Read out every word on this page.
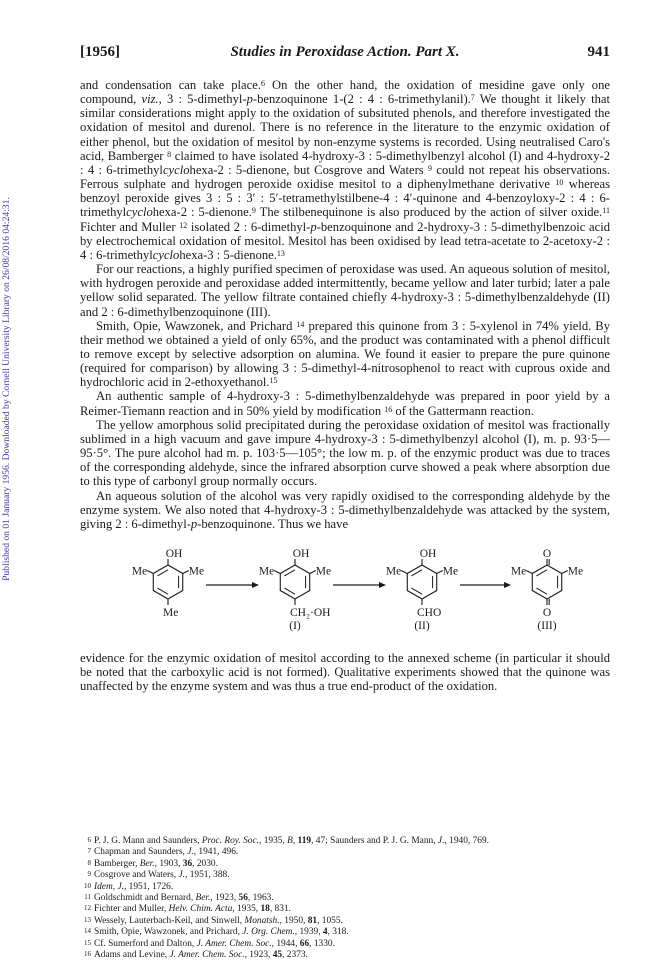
Published on 01 January 1956. Downloaded by Cornell University Library on 26/08/2016 04:24:31.
[1956]	Studies in Peroxidase Action. Part X.	941

and condensation can take place.$^6$ On the other hand, the oxidation of mesidine gave only one compound, viz., 3 : 5-dimethyl-p-benzoquinone 1-(2 : 4 : 6-trimethylanil).$^7$ We thought it likely that similar considerations might apply to the oxidation of subsituted phenols, and therefore investigated the oxidation of mesitol and durenol. There is no reference in the literature to the enzymic oxidation of either phenol, but the oxidation of mesitol by non-enzyme systems is recorded. Using neutralised Caro's acid, Bamberger $^8$ claimed to have isolated 4-hydroxy-3 : 5-dimethylbenzyl alcohol (I) and 4-hydroxy-2 : 4 : 6-trimethylcyclohexa-2 : 5-dienone, but Cosgrove and Waters $^9$ could not repeat his observations. Ferrous sulphate and hydrogen peroxide oxidise mesitol to a diphenylmethane derivative $^{10}$ whereas benzoyl peroxide gives 3 : 5 : 3′ : 5′-tetramethylstilbene-4 : 4′-quinone and 4-benzoyloxy-2 : 4 : 6-trimethylcyclohexa-2 : 5-dienone.$^9$ The stilbenequinone is also produced by the action of silver oxide.$^{11}$ Fichter and Muller $^{12}$ isolated 2 : 6-dimethyl-p-benzoquinone and 2-hydroxy-3 : 5-dimethylbenzoic acid by electrochemical oxidation of mesitol. Mesitol has been oxidised by lead tetra-acetate to 2-acetoxy-2 : 4 : 6-trimethylcyclohexa-3 : 5-dienone.$^{13}$

For our reactions, a highly purified specimen of peroxidase was used. An aqueous solution of mesitol, with hydrogen peroxide and peroxidase added intermittently, became yellow and later turbid; later a pale yellow solid separated. The yellow filtrate contained chiefly 4-hydroxy-3 : 5-dimethylbenzaldehyde (II) and 2 : 6-dimethylbenzoquinone (III).

Smith, Opie, Wawzonek, and Prichard $^{14}$ prepared this quinone from 3 : 5-xylenol in 74% yield. By their method we obtained a yield of only 65%, and the product was contaminated with a phenol difficult to remove except by selective adsorption on alumina. We found it easier to prepare the pure quinone (required for comparison) by allowing 3 : 5-dimethyl-4-nitrosophenol to react with cuprous oxide and hydrochloric acid in 2-ethoxyethanol.$^{15}$

An authentic sample of 4-hydroxy-3 : 5-dimethylbenzaldehyde was prepared in poor yield by a Reimer-Tiemann reaction and in 50% yield by modification $^{16}$ of the Gattermann reaction.

The yellow amorphous solid precipitated during the peroxidase oxidation of mesitol was fractionally sublimed in a high vacuum and gave impure 4-hydroxy-3 : 5-dimethylbenzyl alcohol (I), m. p. 93·5—95·5°. The pure alcohol had m. p. 103·5—105°; the low m. p. of the enzymic product was due to traces of the corresponding aldehyde, since the infrared absorption curve showed a peak where absorption due to this type of carbonyl group normally occurs.

An aqueous solution of the alcohol was very rapidly oxidised to the corresponding aldehyde by the enzyme system. We also noted that 4-hydroxy-3 : 5-dimethylbenzaldehyde was attacked by the system, giving 2 : 6-dimethyl-p-benzoquinone. Thus we have

OH
Me	Me
Me
OH
Me	Me
CH₂·OH
(I)
OH
Me	Me
CHO
(II)
O
Me	Me
O
(III)

evidence for the enzymic oxidation of mesitol according to the annexed scheme (in particular it should be noted that the carboxylic acid is not formed). Qualitative experiments showed that the quinone was unaffected by the enzyme system and was thus a true end-product of the oxidation.

6 P. J. G. Mann and Saunders, Proc. Roy. Soc., 1935, B, 119, 47; Saunders and P. J. G. Mann, J., 1940, 769.
7 Chapman and Saunders, J., 1941, 496.
8 Bamberger, Ber., 1903, 36, 2030.
9 Cosgrove and Waters, J., 1951, 388.
10 Idem, J., 1951, 1726.
11 Goldschmidt and Bernard, Ber., 1923, 56, 1963.
12 Fichter and Muller, Helv. Chim. Acta, 1935, 18, 831.
13 Wessely, Lauterbach-Keil, and Sinwell, Monatsh., 1950, 81, 1055.
14 Smith, Opie, Wawzonek, and Prichard, J. Org. Chem., 1939, 4, 318.
15 Cf. Sumerford and Dalton, J. Amer. Chem. Soc., 1944, 66, 1330.
16 Adams and Levine, J. Amer. Chem. Soc., 1923, 45, 2373.
